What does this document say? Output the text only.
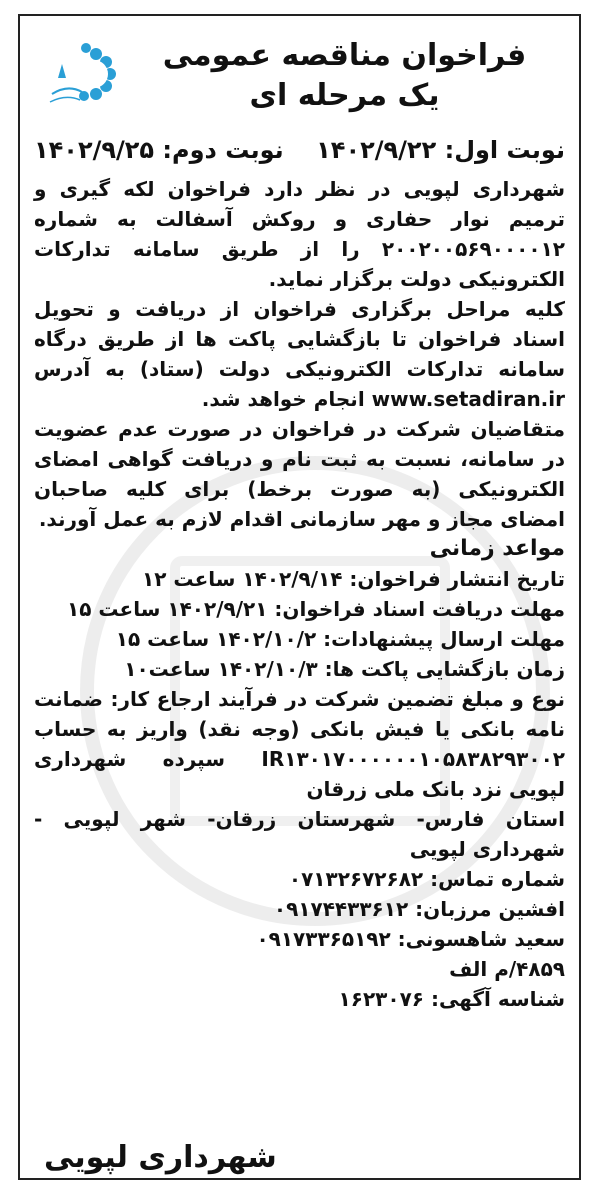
فراخوان مناقصه عمومی
یک مرحله ای
نوبت اول: ۱۴۰۲/۹/۲۲
نوبت دوم: ۱۴۰۲/۹/۲۵

شهرداری لپویی در نظر دارد فراخوان لکه گیری و ترمیم نوار حفاری و روکش آسفالت به شماره ۲۰۰۲۰۰۵۶۹۰۰۰۰۱۲ را از طریق سامانه تدارکات الکترونیکی دولت برگزار نماید.

کلیه مراحل برگزاری فراخوان از دریافت و تحویل اسناد فراخوان تا بازگشایی پاکت ها از طریق درگاه سامانه تدارکات الکترونیکی دولت (ستاد) به آدرس www.setadiran.ir انجام خواهد شد.

متقاضیان شرکت در فراخوان در صورت عدم عضویت در سامانه، نسبت به ثبت نام و دریافت گواهی امضای الکترونیکی (به صورت برخط) برای کلیه صاحبان امضای مجاز و مهر سازمانی اقدام لازم به عمل آورند.

مواعد زمانی

تاریخ انتشار فراخوان: ۱۴۰۲/۹/۱۴ ساعت ۱۲
مهلت دریافت اسناد فراخوان: ۱۴۰۲/۹/۲۱ ساعت ۱۵
مهلت ارسال پیشنهادات: ۱۴۰۲/۱۰/۲ ساعت ۱۵
زمان بازگشایی پاکت ها: ۱۴۰۲/۱۰/۳ ساعت۱۰

نوع و مبلغ تضمین شرکت در فرآیند ارجاع کار: ضمانت نامه بانکی یا فیش بانکی (وجه نقد) واریز به حساب IR۱۳۰۱۷۰۰۰۰۰۰۱۰۵۸۳۸۲۹۳۰۰۲ سپرده شهرداری لپویی نزد بانک ملی زرقان

استان فارس- شهرستان زرقان- شهر لپویی - شهرداری لپویی

شماره تماس: ۰۷۱۳۲۶۷۲۶۸۲
افشین مرزبان: ۰۹۱۷۴۴۳۳۶۱۲
سعید شاهسونی: ۰۹۱۷۳۳۶۵۱۹۲
۴۸۵۹/م الف
شناسه آگهی: ۱۶۲۳۰۷۶
شهرداری لپویی
